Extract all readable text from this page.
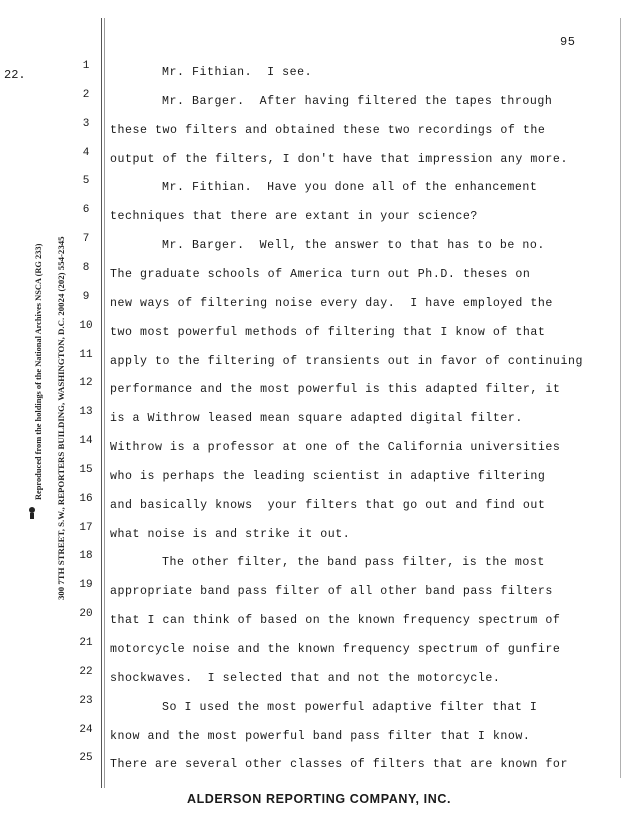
95
22.
Reproduced from the holdings of the National Archives NSCA (RG 233) 300 7TH STREET, S.W., REPORTERS BUILDING, WASHINGTON, D.C. 20024 (202) 554-2345
1
2
3
4
5
6
7
8
9
10
11
12
13
14
15
16
17
18
19
20
21
22
23
24
25
Mr. Fithian.  I see.
Mr. Barger.  After having filtered the tapes through
these two filters and obtained these two recordings of the
output of the filters, I don't have that impression any more.
Mr. Fithian.  Have you done all of the enhancement
techniques that there are extant in your science?
Mr. Barger.  Well, the answer to that has to be no.
The graduate schools of America turn out Ph.D. theses on
new ways of filtering noise every day.  I have employed the
two most powerful methods of filtering that I know of that
apply to the filtering of transients out in favor of continuing
performance and the most powerful is this adapted filter, it
is a Withrow leased mean square adapted digital filter.
Withrow is a professor at one of the California universities
who is perhaps the leading scientist in adaptive filtering
and basically knows  your filters that go out and find out
what noise is and strike it out.
The other filter, the band pass filter, is the most
appropriate band pass filter of all other band pass filters
that I can think of based on the known frequency spectrum of
motorcycle noise and the known frequency spectrum of gunfire
shockwaves.  I selected that and not the motorcycle.
So I used the most powerful adaptive filter that I
know and the most powerful band pass filter that I know.
There are several other classes of filters that are known for
ALDERSON REPORTING COMPANY, INC.
